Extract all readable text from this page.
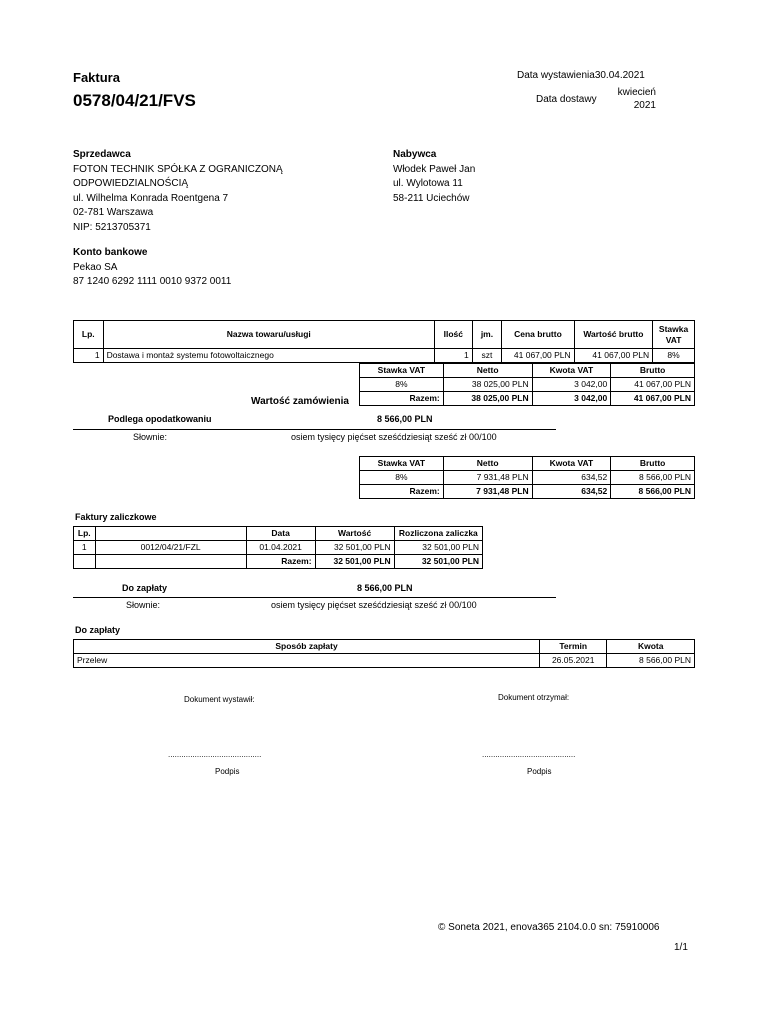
Faktura
0578/04/21/FVS
Data wystawienia30.04.2021
Data dostawy
kwiecień
2021
Sprzedawca
FOTON TECHNIK SPÓŁKA Z OGRANICZONĄ
ODPOWIEDZIALNOŚCIĄ
ul. Wilhelma Konrada Roentgena 7
02-781 Warszawa
NIP: 5213705371
Nabywca
Włodek Paweł Jan
ul. Wylotowa 11
58-211 Uciechów
Konto bankowe
Pekao SA
87 1240 6292 1111 0010 9372 0011
Lp.	Nazwa towaru/usługi	Ilość	jm.	Cena brutto	Wartość brutto	Stawka
VAT

1	Dostawa i montaż systemu fotowoltaicznego	1	szt	41 067,00 PLN	41 067,00 PLN	8%
Stawka VAT	Netto	Kwota VAT	Brutto
8%	38 025,00 PLN	3 042,00	41 067,00 PLN
Razem:	38 025,00 PLN	3 042,00	41 067,00 PLN
Wartość zamówienia
Podlega opodatkowaniu	8 566,00 PLN
Słownie:	osiem tysięcy pięćset sześćdziesiąt sześć zł 00/100
Stawka VAT	Netto	Kwota VAT	Brutto
8%	7 931,48 PLN	634,52	8 566,00 PLN
Razem:	7 931,48 PLN	634,52	8 566,00 PLN
Faktury zaliczkowe
Lp.		Data	Wartość	Rozliczona zaliczka
1	0012/04/21/FZL	01.04.2021	32 501,00 PLN	32 501,00 PLN
		Razem:	32 501,00 PLN	32 501,00 PLN
Do zapłaty	8 566,00 PLN
Słownie:	osiem tysięcy pięćset sześćdziesiąt sześć zł 00/100
Do zapłaty
Sposób zapłaty	Termin	Kwota
Przelew	26.05.2021	8 566,00 PLN
Dokument wystawił:	Dokument otrzymał:
..........................................	..........................................
Podpis	Podpis
© Soneta 2021, enova365 2104.0.0 sn: 75910006
1/1
